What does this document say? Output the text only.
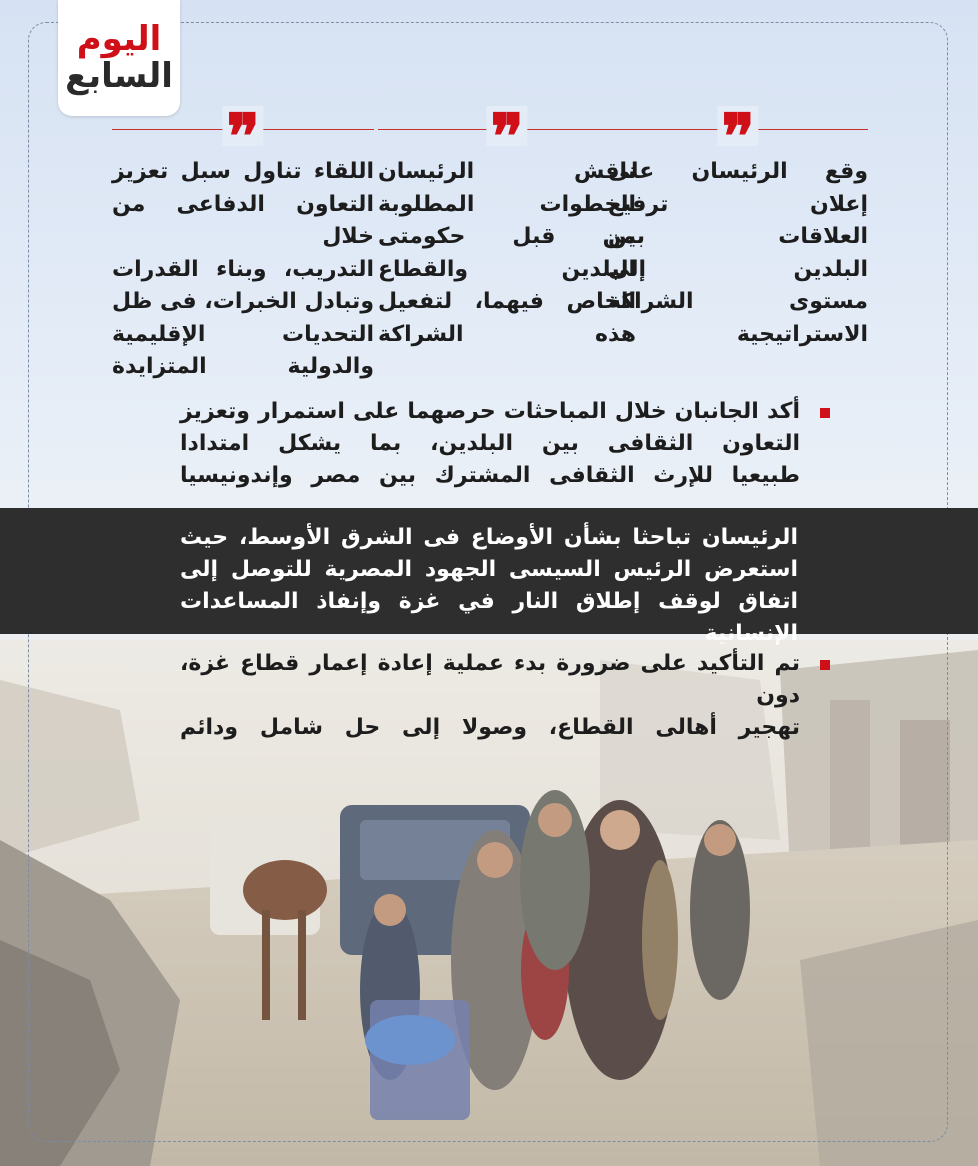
اليوم
السابع
❞
وقع الرئيسان على
إعلان ترفيع
العلاقات بين
البلدين إلى
مستوى الشراكة
الاستراتيجية
❞
ناقش الرئيسان
الخطوات المطلوبة
من قبل حكومتى
البلدين والقطاع
الخاص فيهما، لتفعيل
هذه الشراكة
❞
اللقاء تناول سبل تعزيز
التعاون الدفاعى من خلال
التدريب، وبناء القدرات
وتبادل الخبرات، فى ظل
التحديات الإقليمية
والدولية المتزايدة
أكد الجانبان خلال المباحثات حرصهما على استمرار وتعزيز
التعاون الثقافى بين البلدين، بما يشكل امتدادا
طبيعيا للإرث الثقافى المشترك بين مصر وإندونيسيا
الرئيسان تباحثا بشأن الأوضاع فى الشرق الأوسط، حيث
استعرض الرئيس السيسى الجهود المصرية للتوصل إلى
اتفاق لوقف إطلاق النار في غزة وإنفاذ المساعدات الإنسانية
تم التأكيد على ضرورة بدء عملية إعادة إعمار قطاع غزة، دون
تهجير أهالى القطاع، وصولا إلى حل شامل ودائم
